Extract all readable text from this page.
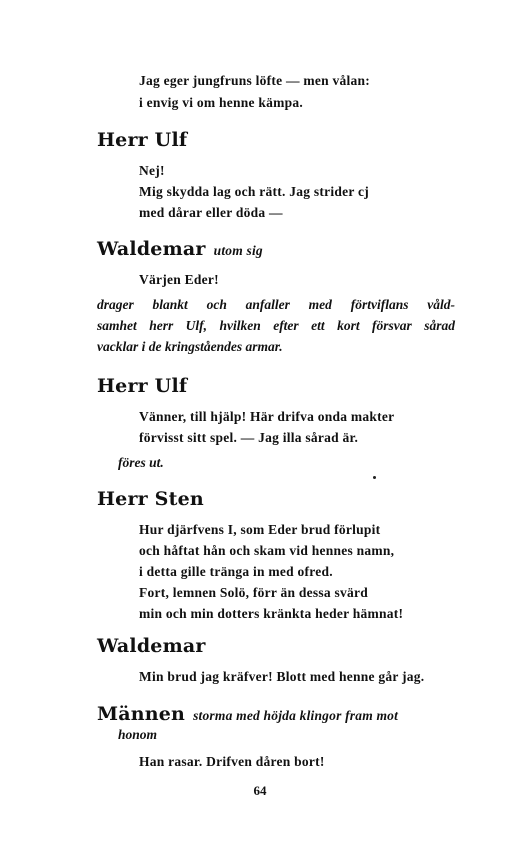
Jag eger jungfruns löfte — men vålan:
i envig vi om henne kämpa.
Herr Ulf
Nej!
Mig skydda lag och rätt. Jag strider cj
med dårar eller döda —
Waldemar utom sig
Värjen Eder!
drager blankt och anfaller med förtviflans våld-
samhet herr Ulf, hvilken efter ett kort försvar sårad
vacklar i de kringståendes armar.
Herr Ulf
Vänner, till hjälp! Här drifva onda makter
förvisst sitt spel. — Jag illa sårad är.
föres ut.
Herr Sten
Hur djärfvens I, som Eder brud förlupit
och håftat hån och skam vid hennes namn,
i detta gille tränga in med ofred.
Fort, lemnen Solö, förr än dessa svärd
min och min dotters kränkta heder hämnat!
Waldemar
Min brud jag kräfver! Blott med henne går jag.
Männen storma med höjda klingor fram mot
honom
Han rasar. Drifven dåren bort!
64
